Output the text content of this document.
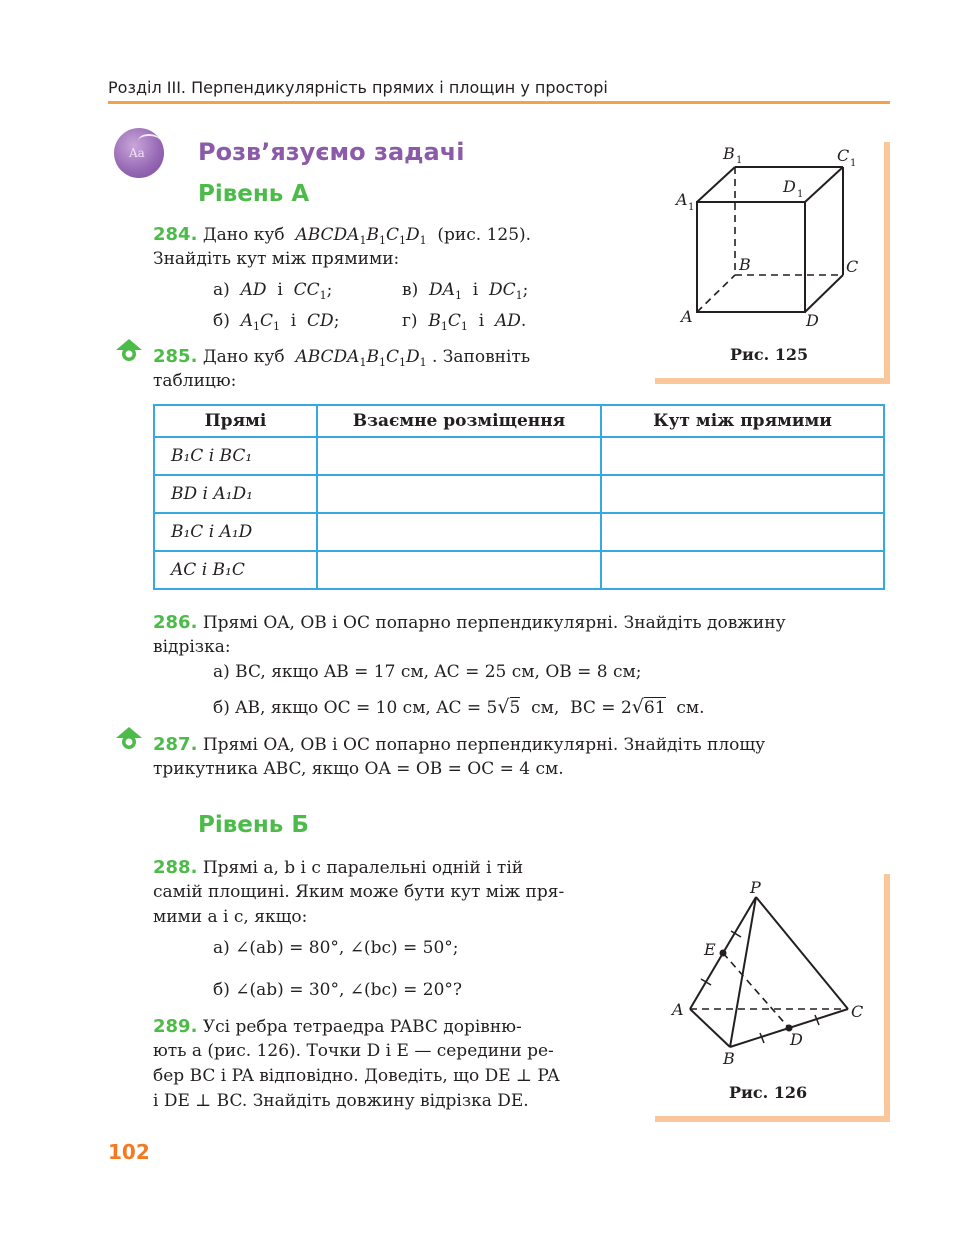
Розділ III. Перпендикулярність прямих і площин у просторі
Aa Розв’язуємо задачі
Рівень А
284. Дано куб $ABCDA_1B_1C_1D_1$ (рис. 125).
Знайдіть кут між прямими:
а) AD і $CC_1$;	в) $DA_1$ і $DC_1$;
б) $A_1C_1$ і CD;	г) $B_1C_1$ і AD.
285. Дано куб $ABCDA_1B_1C_1D_1$ . Заповніть
таблицю:
B 1	C 1
D 1
A 1
B	C
A	D
Рис. 125
Прямі	Взаємне розміщення	Кут між прямими
B₁C і BC₁		
BD і A₁D₁		
B₁C і A₁D		
AC і B₁C		
286. Прямі OA, OB і OC попарно перпендикулярні. Знайдіть довжину
відрізка:
а) BC, якщо AB = 17 см, AC = 25 см, OB = 8 см;
б) AB, якщо OC = 10 см, AC = 5√5  см,  BC = 2√61  см.
287. Прямі OA, OB і OC попарно перпендикулярні. Знайдіть площу
трикутника ABC, якщо OA = OB = OC = 4 см.
Рівень Б
288. Прямі a, b і c паралельні одній і тій
самій площині. Яким може бути кут між пря-
мими a і c, якщо:
а) ∠(ab) = 80°, ∠(bc) = 50°;
б) ∠(ab) = 30°, ∠(bc) = 20°?
289. Усі ребра тетраедра PABC дорівню-
ють a (рис. 126). Точки D і E — середини ре-
бер BC і PA відповідно. Доведіть, що DE ⊥ PA
і DE ⊥ BC. Знайдіть довжину відрізка DE.
P
E
A	C
D
B
Рис. 126
102
